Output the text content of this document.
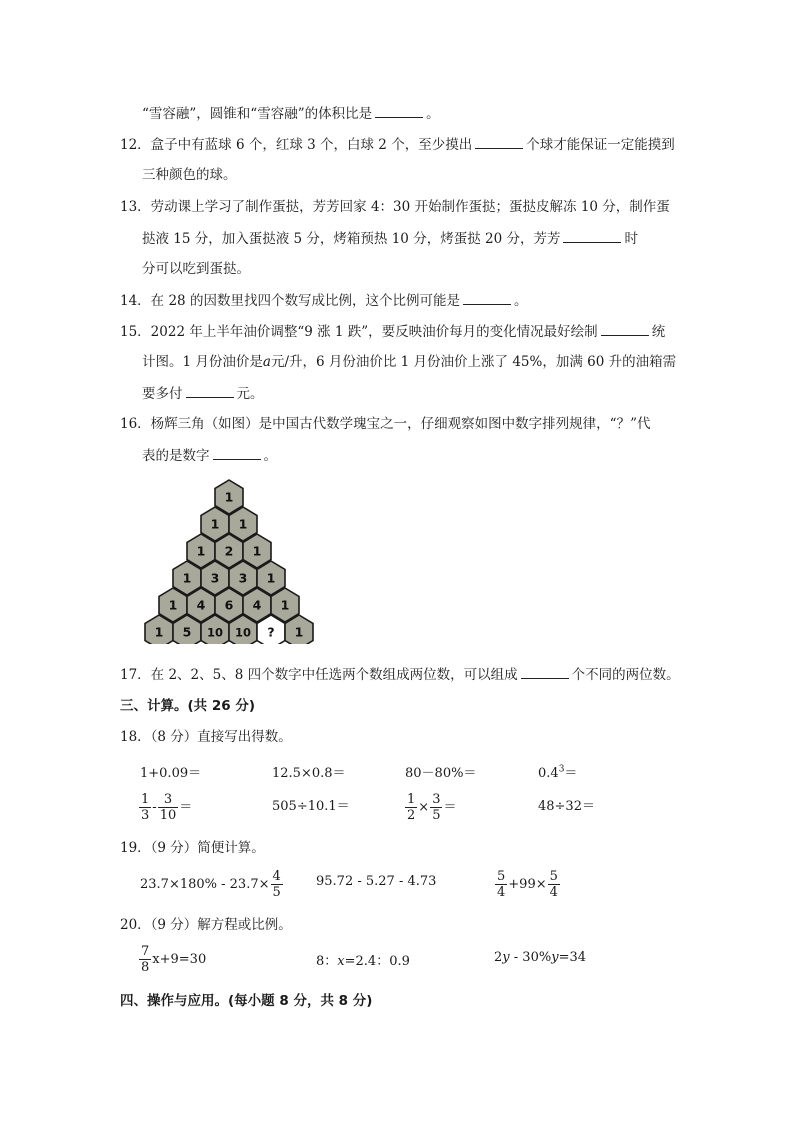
“雪容融”，圆锥和“雪容融”的体积比是	。
12．盒子中有蓝球 6 个，红球 3 个，白球 2 个，至少摸出	个球才能保证一定能摸到
三种颜色的球。
13．劳动课上学习了制作蛋挞，芳芳回家 4：30 开始制作蛋挞；蛋挞皮解冻 10 分，制作蛋
挞液 15 分，加入蛋挞液 5 分，烤箱预热 10 分，烤蛋挞 20 分，芳芳	时
分可以吃到蛋挞。
14．在 28 的因数里找四个数写成比例，这个比例可能是	。
15．2022 年上半年油价调整“9 涨 1 跌”，要反映油价每月的变化情况最好绘制	统
计图。1 月份油价是a元/升，6 月份油价比 1 月份油价上涨了 45%，加满 60 升的油箱需
要多付	元。
16．杨辉三角（如图）是中国古代数学瑰宝之一，仔细观察如图中数字排列规律，“？”代
表的是数字	。
1
1 1
1 2 1
1 3 3 1
1 4 6 4 1
1 5 10 10 ? 1
17．在 2、2、5、8 四个数字中任选两个数组成两位数，可以组成	个不同的两位数。
三、计算。(共 26 分)
18．（8 分）直接写出得数。
1+0.09＝	12.5×0.8＝	80－80%＝	$0.4^3=$
$\frac{1}{3} - \frac{3}{10}$ ＝	505÷10.1＝	$\frac{1}{2} \times \frac{3}{5}$ ＝	48÷32＝
19．（9 分）简便计算。
$23.7\times 180\% - 23.7\times \frac{4}{5}$	95.72 - 5.27 - 4.73	$\frac{5}{4} +99\times \frac{5}{4}$
20．（9 分）解方程或比例。
$\frac{7}{8} x+9=30$	8：x=2.4：0.9	2y - 30%y=34
四、操作与应用。(每小题 8 分，共 8 分)
